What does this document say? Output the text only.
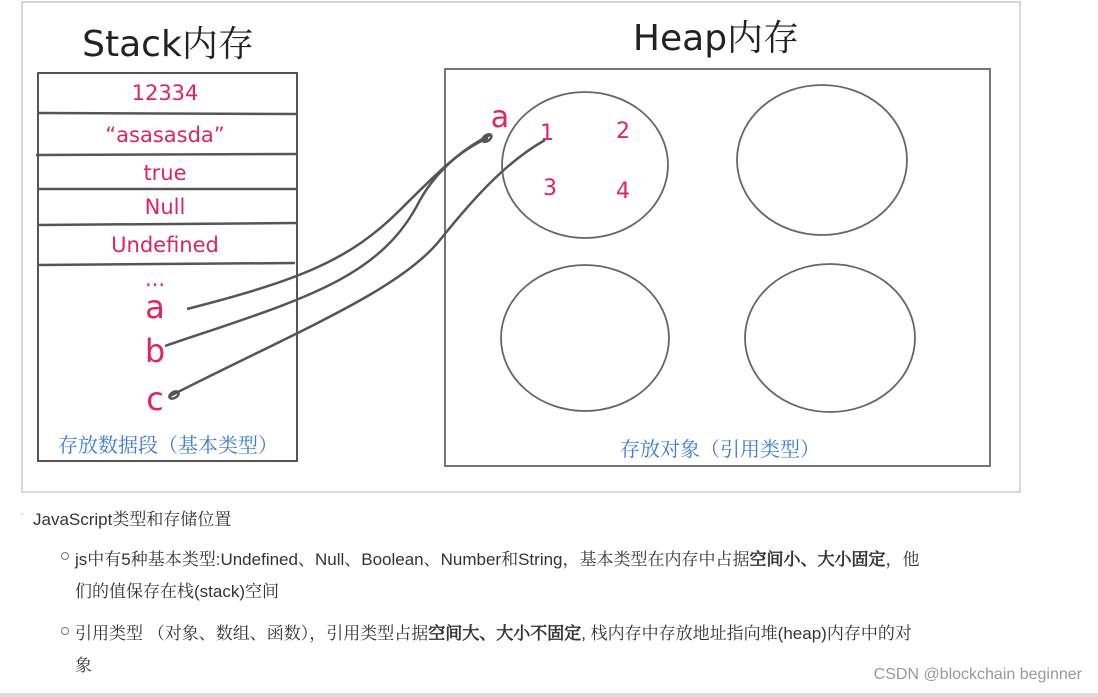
Stack内存	Heap内存
12334
“asasasda”
true
Null
Undefined
...
a
b
c
存放数据段（基本类型）
a 1	2
3	4
存放对象（引用类型）
· JavaScript类型和存储位置
js中有5种基本类型:Undefined、Null、Boolean、Number和String，基本类型在内存中占据空间小、大小固定，他
们的值保存在栈(stack)空间
引用类型 （对象、数组、函数），引用类型占据空间大、大小不固定, 栈内存中存放地址指向堆(heap)内存中的对
象	CSDN @blockchain beginner
